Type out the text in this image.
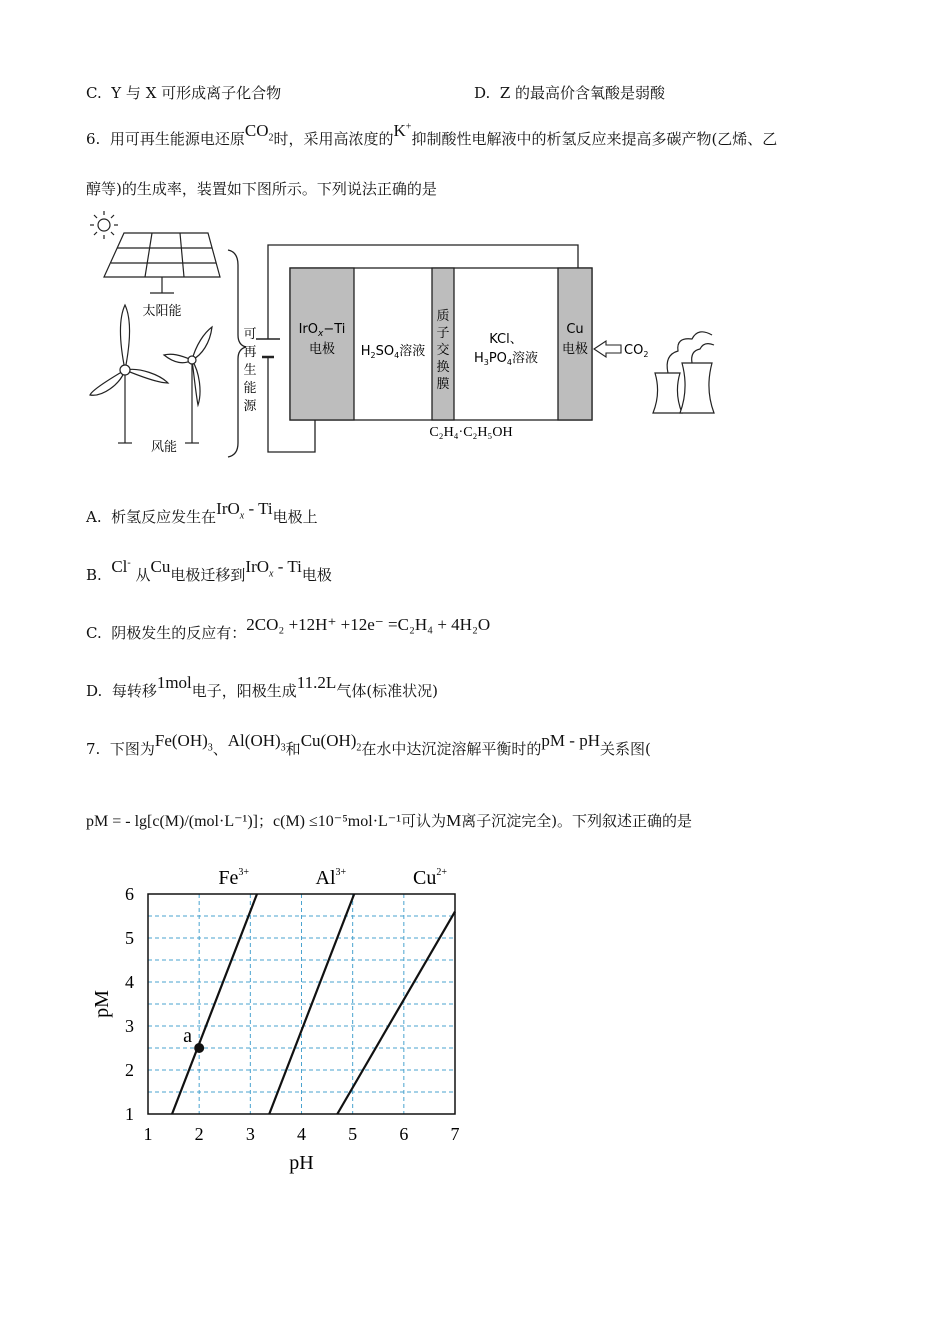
C. Y 与 X 可形成离子化合物	D. Z 的最高价含氧酸是弱酸
6. 用可再生能源电还原$CO_2$时，采用高浓度的K+抑制酸性电解液中的析氢反应来提高多碳产物(乙烯、乙
醇等)的生成率，装置如下图所示。下列说法正确的是
太阳能
风能
可
再
生
能
源
IrO$_x$−Ti
电极 $H_2SO_4$溶液
质
子
交
换
膜
KCl、
$H_3PO_4$溶液
Cu
电极	$CO_2$
C₂H₄·C₂H₅OH
A. 析氢反应发生在IrO$_x$ - Ti电极上
B. Cl- 从Cu电极迁移到IrO$_x$ - Ti电极
C. 阴极发生的反应有：2CO₂ +12H⁺ +12e⁻ =C₂H₄ + 4H₂O
D. 每转移1mol电子，阳极生成11.2L气体(标准状况)
7. 下图为$Fe(OH)_3$、$Al(OH)_3$和$Cu(OH)_2$在水中达沉淀溶解平衡时的pM - pH关系图(
pM = - lg[c(M)/(mol·L⁻¹)]；c(M) ≤10⁻⁵mol·L⁻¹可认为M离子沉淀完全)。下列叙述正确的是
$Fe^{3+}$	$Al^{3+}$	$Cu^{2+}$
1 2 3 4 5 6 7
1
2
3
4
5
6
pH
pM
a
